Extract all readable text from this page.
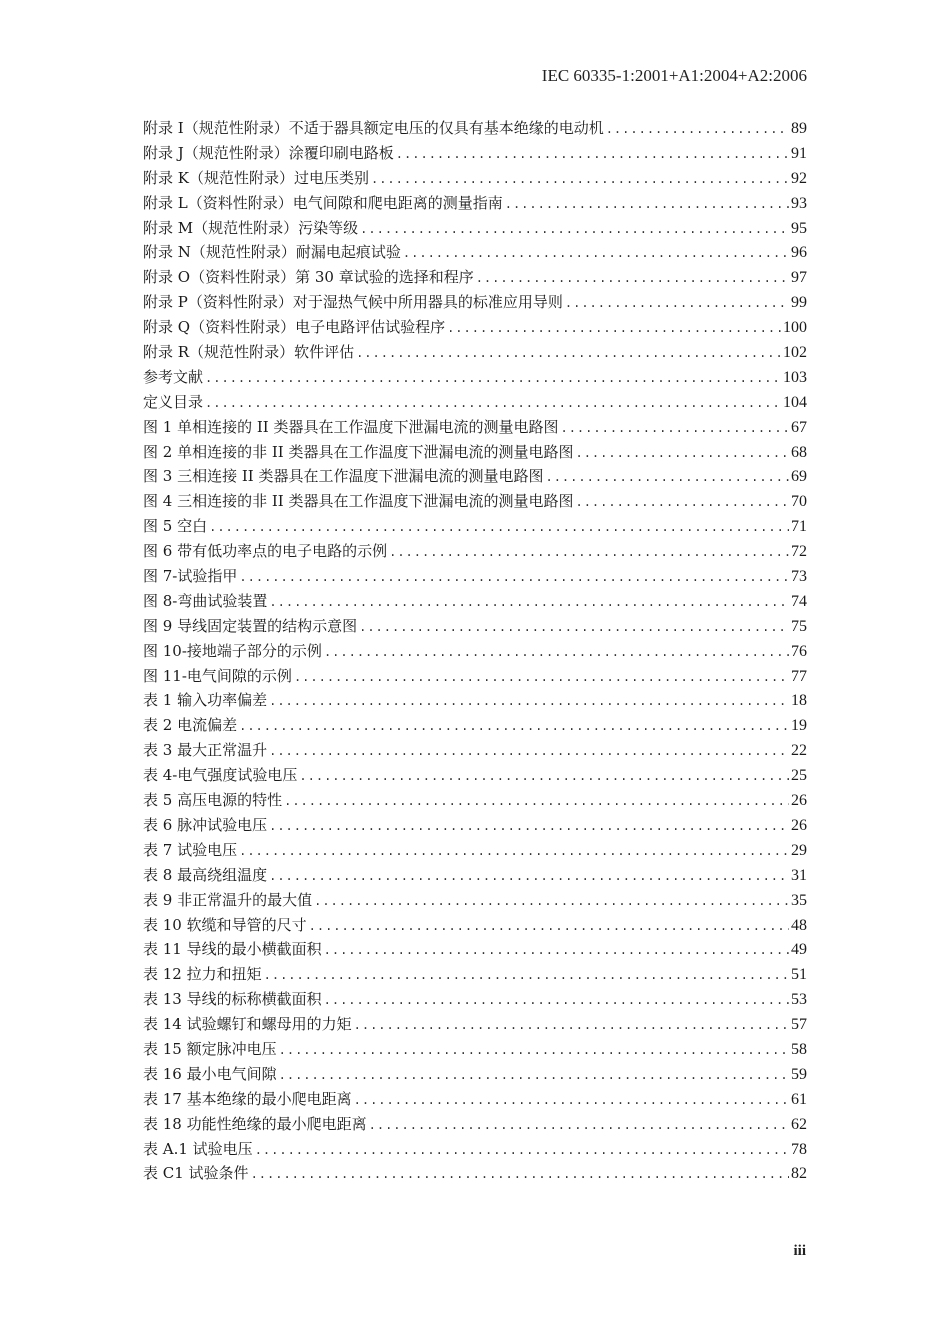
IEC 60335-1:2001+A1:2004+A2:2006
附录 I（规范性附录）不适于器具额定电压的仅具有基本绝缘的电动机 .....	89
附录 J（规范性附录）涂覆印刷电路板 .....	91
附录 K（规范性附录）过电压类别 .....	92
附录 L（资料性附录）电气间隙和爬电距离的测量指南 .....	93
附录 M（规范性附录）污染等级 .....	95
附录 N（规范性附录）耐漏电起痕试验 .....	96
附录 O（资料性附录）第 30 章试验的选择和程序 .....	97
附录 P（资料性附录）对于湿热气候中所用器具的标准应用导则 .....	99
附录 Q（资料性附录）电子电路评估试验程序 .....	100
附录 R（规范性附录）软件评估 .....	102
参考文献 .....	103
定义目录 .....	104
图 1 单相连接的 II 类器具在工作温度下泄漏电流的测量电路图 .....	67
图 2 单相连接的非 II 类器具在工作温度下泄漏电流的测量电路图 .....	68
图 3 三相连接 II 类器具在工作温度下泄漏电流的测量电路图 .....	69
图 4 三相连接的非 II 类器具在工作温度下泄漏电流的测量电路图 .....	70
图 5 空白 .....	71
图 6 带有低功率点的电子电路的示例 .....	72
图 7-试验指甲 .....	73
图 8-弯曲试验装置 .....	74
图 9 导线固定装置的结构示意图 .....	75
图 10-接地端子部分的示例 .....	76
图 11-电气间隙的示例 .....	77
表 1 输入功率偏差 .....	18
表 2 电流偏差 .....	19
表 3 最大正常温升 .....	22
表 4-电气强度试验电压 .....	25
表 5 高压电源的特性 .....	26
表 6 脉冲试验电压 .....	26
表 7 试验电压 .....	29
表 8 最高绕组温度 .....	31
表 9 非正常温升的最大值 .....	35
表 10 软缆和导管的尺寸 .....	48
表 11 导线的最小横截面积 .....	49
表 12 拉力和扭矩 .....	51
表 13 导线的标称横截面积 .....	53
表 14 试验螺钉和螺母用的力矩 .....	57
表 15 额定脉冲电压 .....	58
表 16 最小电气间隙 .....	59
表 17 基本绝缘的最小爬电距离 .....	61
表 18 功能性绝缘的最小爬电距离 .....	62
表 A.1 试验电压 .....	78
表 C1 试验条件 .....	82
iii
